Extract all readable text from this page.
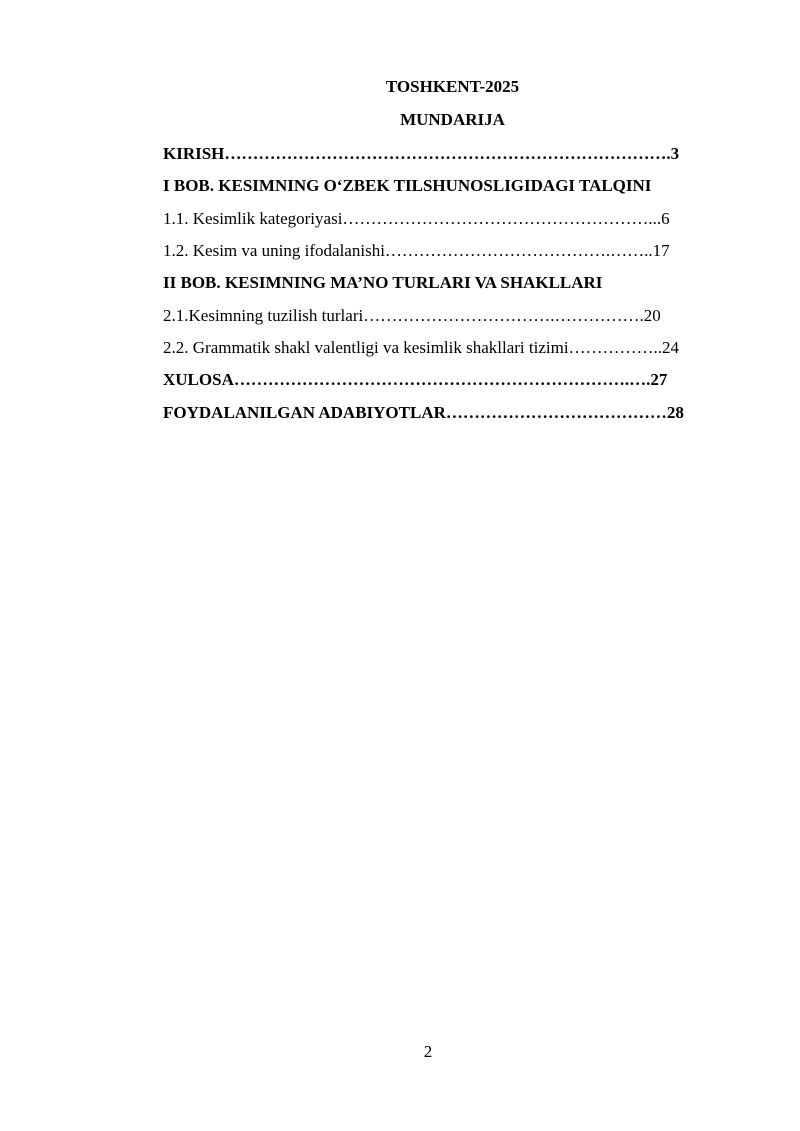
TOSHKENT-2025
MUNDARIJA
KIRISH…………………………………………………………………….3
I BOB. KESIMNING O‘ZBEK TILSHUNOSLIGIDAGI TALQINI
1.1. Kesimlik kategoriyasi………………………………………………...6
1.2. Kesim va uning ifodalanishi………………………………….……..17
II BOB. KESIMNING MA’NO TURLARI VA SHAKLLARI
2.1.Kesimning tuzilish turlari…………………………….…………….20
2.2. Grammatik shakl valentligi va kesimlik shakllari tizimi……………..24
XULOSA…………………………………………………………….….27
FOYDALANILGAN ADABIYOTLAR…………………………………28
2
